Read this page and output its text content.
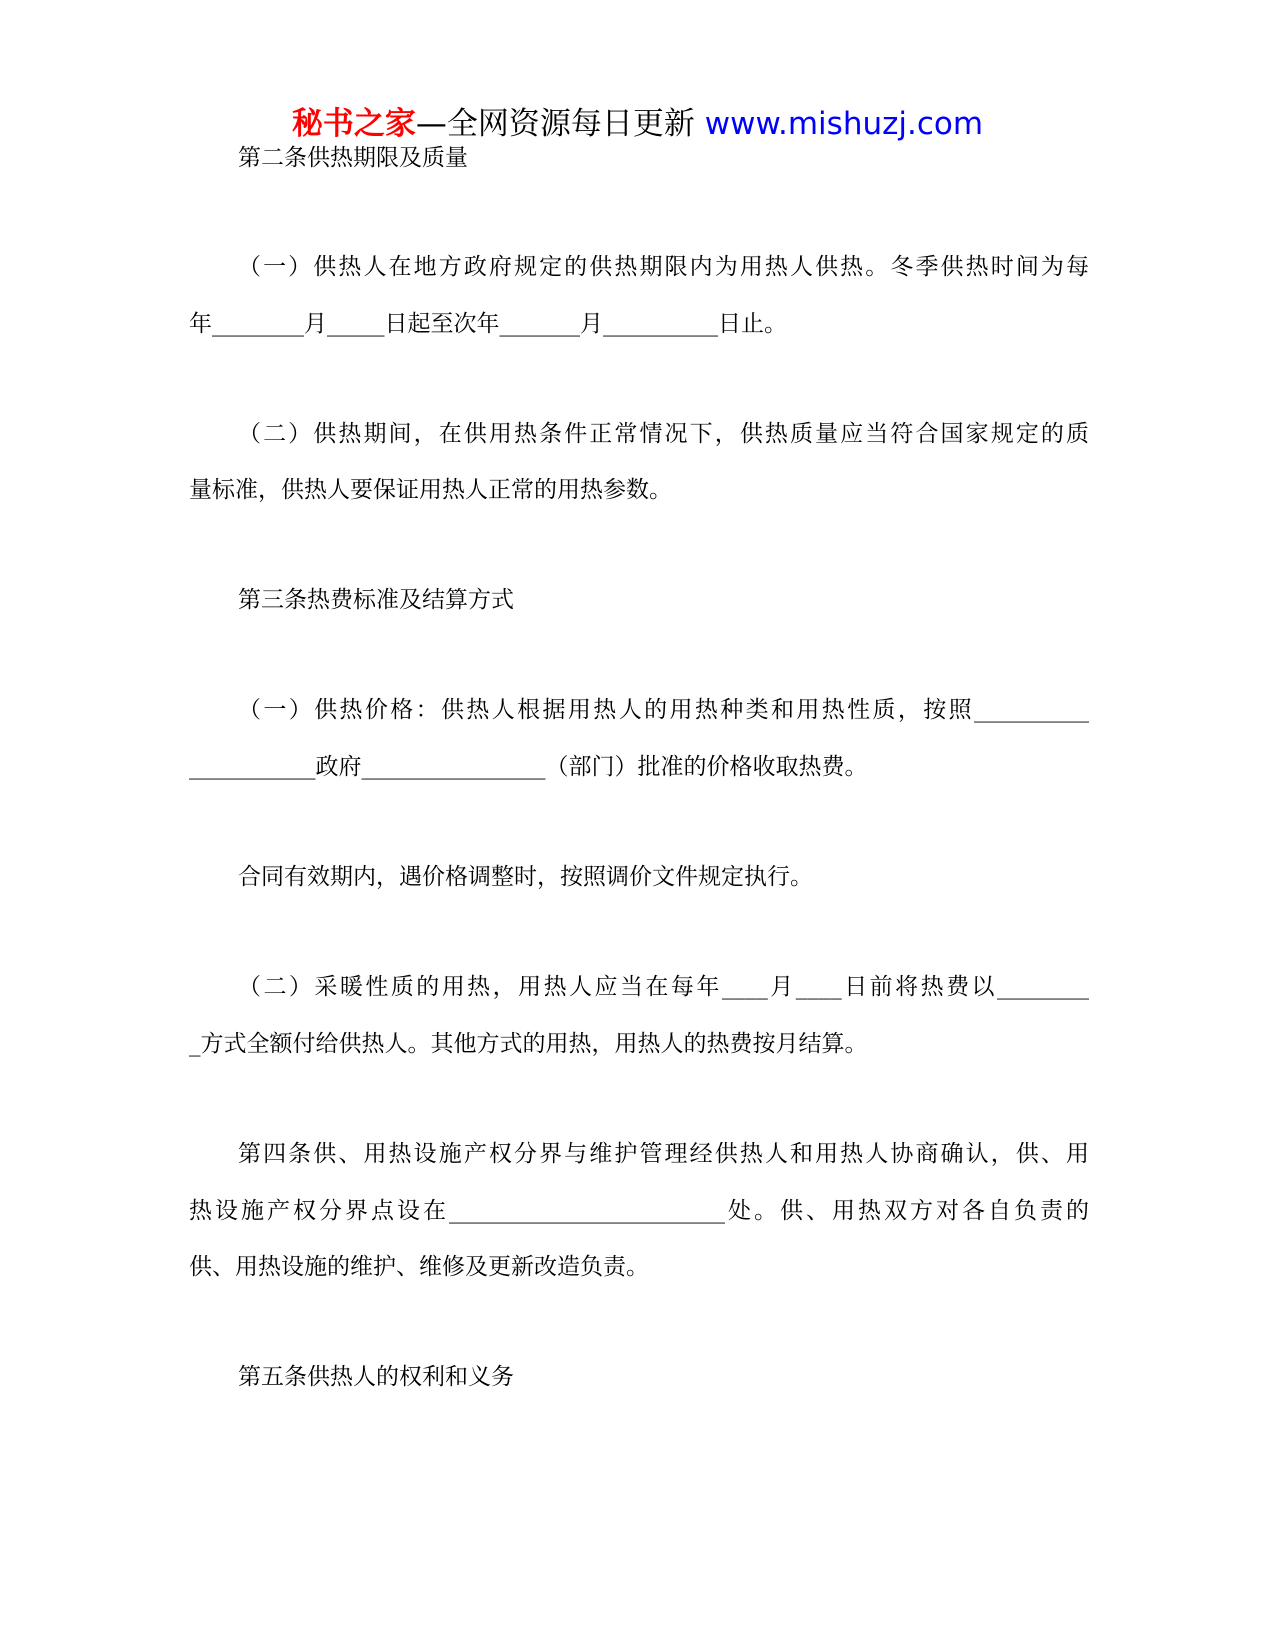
秘书之家—全网资源每日更新 www.mishuzj.com
第二条供热期限及质量
（一）供热人在地方政府规定的供热期限内为用热人供热。冬季供热时间为每
年________月_____日起至次年_______月__________日止。
（二）供热期间，在供用热条件正常情况下，供热质量应当符合国家规定的质
量标准，供热人要保证用热人正常的用热参数。
第三条热费标准及结算方式
（一）供热价格：供热人根据用热人的用热种类和用热性质，按照__________
___________政府________________（部门）批准的价格收取热费。
合同有效期内，遇价格调整时，按照调价文件规定执行。
（二）采暖性质的用热，用热人应当在每年____月____日前将热费以________
_方式全额付给供热人。其他方式的用热，用热人的热费按月结算。
第四条供、用热设施产权分界与维护管理经供热人和用热人协商确认，供、用
热设施产权分界点设在________________________处。供、用热双方对各自负责的
供、用热设施的维护、维修及更新改造负责。
第五条供热人的权利和义务
